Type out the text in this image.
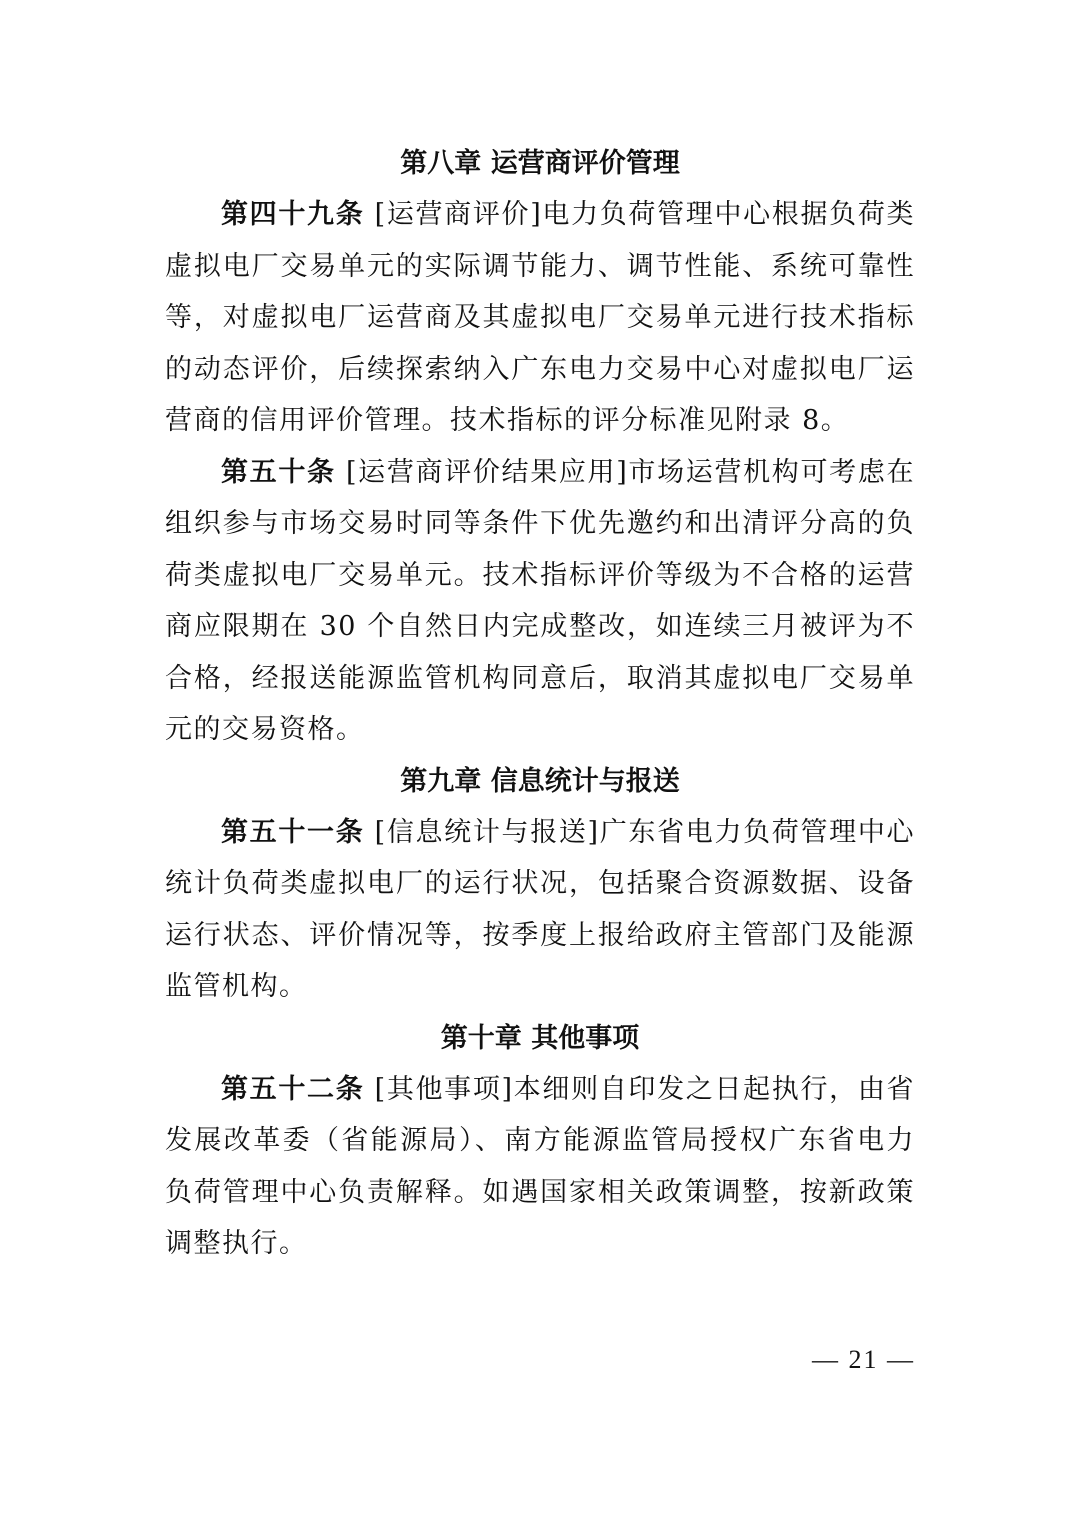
第八章 运营商评价管理

第四十九条 [运营商评价]电力负荷管理中心根据负荷类虚拟电厂交易单元的实际调节能力、调节性能、系统可靠性等，对虚拟电厂运营商及其虚拟电厂交易单元进行技术指标的动态评价，后续探索纳入广东电力交易中心对虚拟电厂运营商的信用评价管理。技术指标的评分标准见附录 8。

第五十条 [运营商评价结果应用]市场运营机构可考虑在组织参与市场交易时同等条件下优先邀约和出清评分高的负荷类虚拟电厂交易单元。技术指标评价等级为不合格的运营商应限期在 30 个自然日内完成整改，如连续三月被评为不合格，经报送能源监管机构同意后，取消其虚拟电厂交易单元的交易资格。

第九章 信息统计与报送

第五十一条 [信息统计与报送]广东省电力负荷管理中心统计负荷类虚拟电厂的运行状况，包括聚合资源数据、设备运行状态、评价情况等，按季度上报给政府主管部门及能源监管机构。

第十章 其他事项

第五十二条 [其他事项]本细则自印发之日起执行，由省发展改革委（省能源局）、南方能源监管局授权广东省电力负荷管理中心负责解释。如遇国家相关政策调整，按新政策调整执行。

— 21 —
